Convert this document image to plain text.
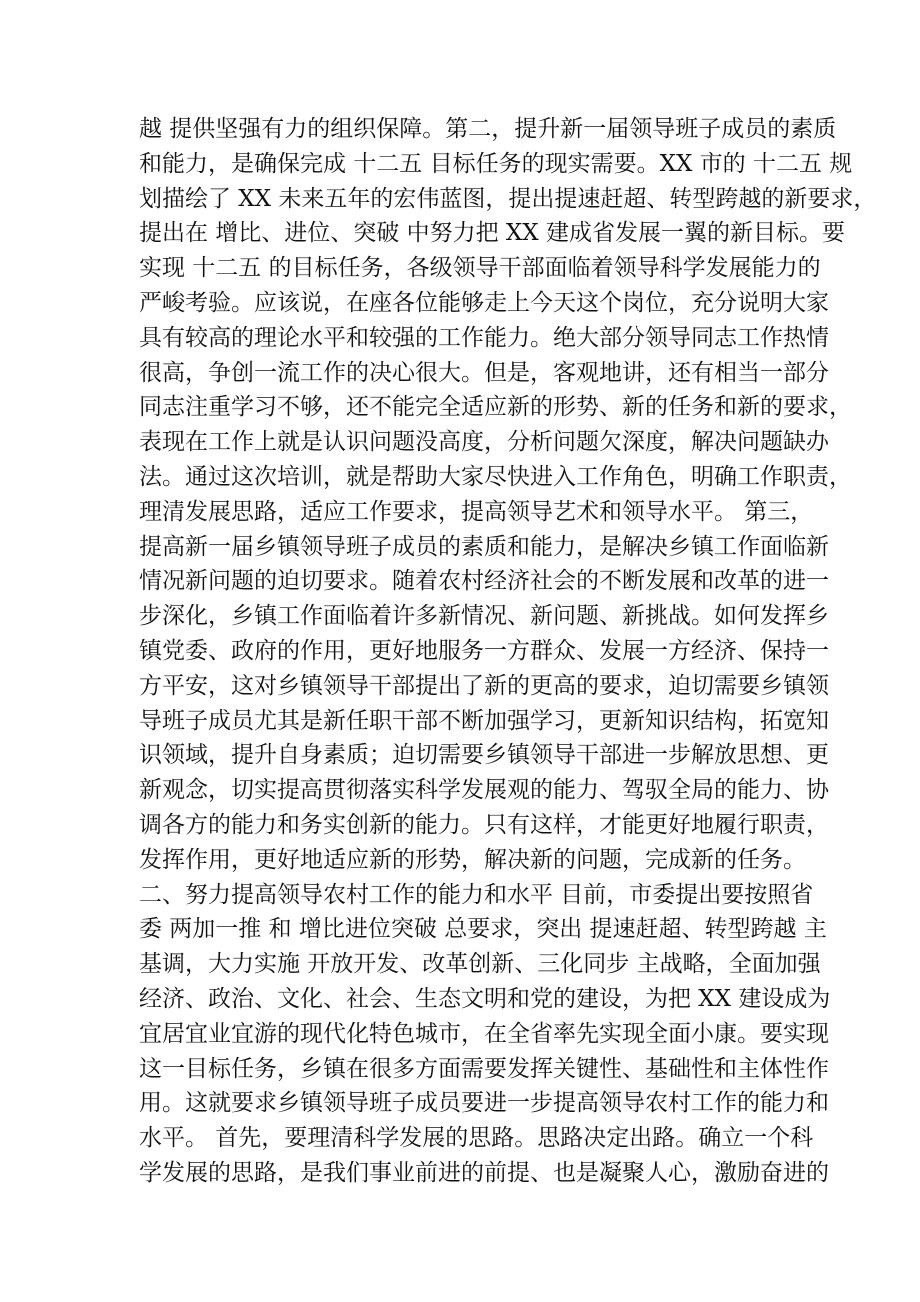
越 提供坚强有力的组织保障。第二，提升新一届领导班子成员的素质
和能力，是确保完成 十二五 目标任务的现实需要。XX 市的 十二五 规
划描绘了 XX 未来五年的宏伟蓝图，提出提速赶超、转型跨越的新要求，
提出在 增比、进位、突破 中努力把 XX 建成省发展一翼的新目标。要
实现 十二五 的目标任务，各级领导干部面临着领导科学发展能力的
严峻考验。应该说，在座各位能够走上今天这个岗位，充分说明大家
具有较高的理论水平和较强的工作能力。绝大部分领导同志工作热情
很高，争创一流工作的决心很大。但是，客观地讲，还有相当一部分
同志注重学习不够，还不能完全适应新的形势、新的任务和新的要求，
表现在工作上就是认识问题没高度，分析问题欠深度，解决问题缺办
法。通过这次培训，就是帮助大家尽快进入工作角色，明确工作职责，
理清发展思路，适应工作要求，提高领导艺术和领导水平。 第三，
提高新一届乡镇领导班子成员的素质和能力，是解决乡镇工作面临新
情况新问题的迫切要求。随着农村经济社会的不断发展和改革的进一
步深化，乡镇工作面临着许多新情况、新问题、新挑战。如何发挥乡
镇党委、政府的作用，更好地服务一方群众、发展一方经济、保持一
方平安，这对乡镇领导干部提出了新的更高的要求，迫切需要乡镇领
导班子成员尤其是新任职干部不断加强学习，更新知识结构，拓宽知
识领域，提升自身素质；迫切需要乡镇领导干部进一步解放思想、更
新观念，切实提高贯彻落实科学发展观的能力、驾驭全局的能力、协
调各方的能力和务实创新的能力。只有这样，才能更好地履行职责，
发挥作用，更好地适应新的形势，解决新的问题，完成新的任务。
二、努力提高领导农村工作的能力和水平 目前，市委提出要按照省
委 两加一推 和 增比进位突破 总要求，突出 提速赶超、转型跨越 主
基调，大力实施 开放开发、改革创新、三化同步 主战略，全面加强
经济、政治、文化、社会、生态文明和党的建设，为把 XX 建设成为
宜居宜业宜游的现代化特色城市，在全省率先实现全面小康。要实现
这一目标任务，乡镇在很多方面需要发挥关键性、基础性和主体性作
用。这就要求乡镇领导班子成员要进一步提高领导农村工作的能力和
水平。 首先，要理清科学发展的思路。思路决定出路。确立一个科
学发展的思路，是我们事业前进的前提、也是凝聚人心，激励奋进的
